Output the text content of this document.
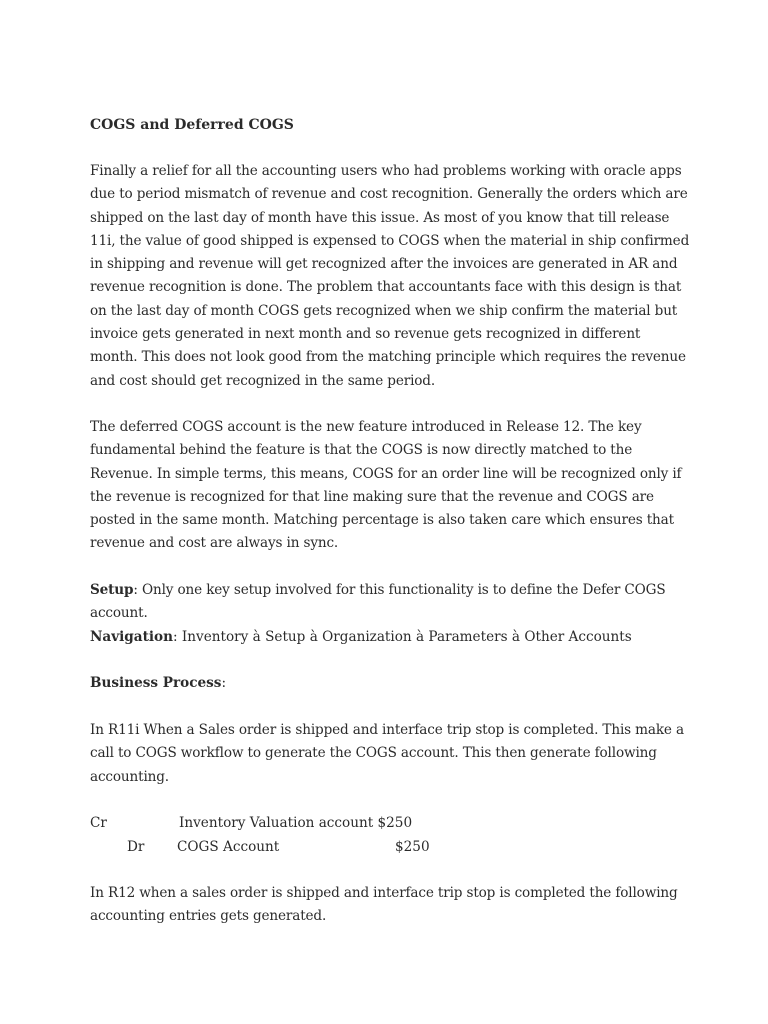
COGS and Deferred COGS

Finally a relief for all the accounting users who had problems working with oracle apps due to period mismatch of revenue and cost recognition. Generally the orders which are shipped on the last day of month have this issue. As most of you know that till release 11i, the value of good shipped is expensed to COGS when the material in ship confirmed in shipping and revenue will get recognized after the invoices are generated in AR and revenue recognition is done. The problem that accountants face with this design is that on the last day of month COGS gets recognized when we ship confirm the material but invoice gets generated in next month and so revenue gets recognized in different month. This does not look good from the matching principle which requires the revenue and cost should get recognized in the same period.

The deferred COGS account is the new feature introduced in Release 12. The key fundamental behind the feature is that the COGS is now directly matched to the Revenue. In simple terms, this means, COGS for an order line will be recognized only if the revenue is recognized for that line making sure that the revenue and COGS are posted in the same month. Matching percentage is also taken care which ensures that revenue and cost are always in sync.

Setup: Only one key setup involved for this functionality is to define the Defer COGS account.

Navigation: Inventory à Setup à Organization à Parameters à Other Accounts

Business Process:

In R11i When a Sales order is shipped and interface trip stop is completed. This make a call to COGS workflow to generate the COGS account. This then generate following accounting.

Cr	Inventory Valuation account $250
Dr COGS Account	$250

In R12 when a sales order is shipped and interface trip stop is completed the following accounting entries gets generated.
